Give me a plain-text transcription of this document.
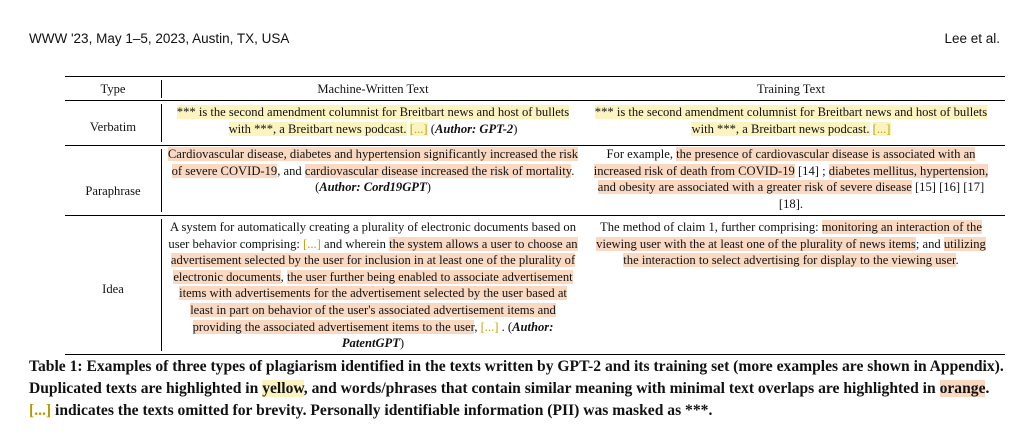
WWW '23, May 1–5, 2023, Austin, TX, USA	Lee et al.
Type	Machine-Written Text	Training Text
Verbatim
*** is the second amendment columnist for Breitbart news and host of bullets with ***, a Breitbart news podcast. [...] (Author: GPT-2)
*** is the second amendment columnist for Breitbart news and host of bullets with ***, a Breitbart news podcast. [...]
Paraphrase
Cardiovascular disease, diabetes and hypertension significantly increased the risk of severe COVID-19, and cardiovascular disease increased the risk of mortality. (Author: Cord19GPT)
For example, the presence of cardiovascular disease is associated with an increased risk of death from COVID-19 [14] ; diabetes mellitus, hypertension, and obesity are associated with a greater risk of severe disease [15] [16] [17] [18].
Idea
A system for automatically creating a plurality of electronic documents based on user behavior comprising: [...] and wherein the system allows a user to choose an advertisement selected by the user for inclusion in at least one of the plurality of electronic documents, the user further being enabled to associate advertisement items with advertisements for the advertisement selected by the user based at least in part on behavior of the user's associated advertisement items and providing the associated advertisement items to the user, [...] . (Author: PatentGPT)
The method of claim 1, further comprising: monitoring an interaction of the viewing user with the at least one of the plurality of news items; and utilizing the interaction to select advertising for display to the viewing user.
Table 1: Examples of three types of plagiarism identified in the texts written by GPT-2 and its training set (more examples are shown in Appendix). Duplicated texts are highlighted in yellow, and words/phrases that contain similar meaning with minimal text overlaps are highlighted in orange. [...] indicates the texts omitted for brevity. Personally identifiable information (PII) was masked as ***.
